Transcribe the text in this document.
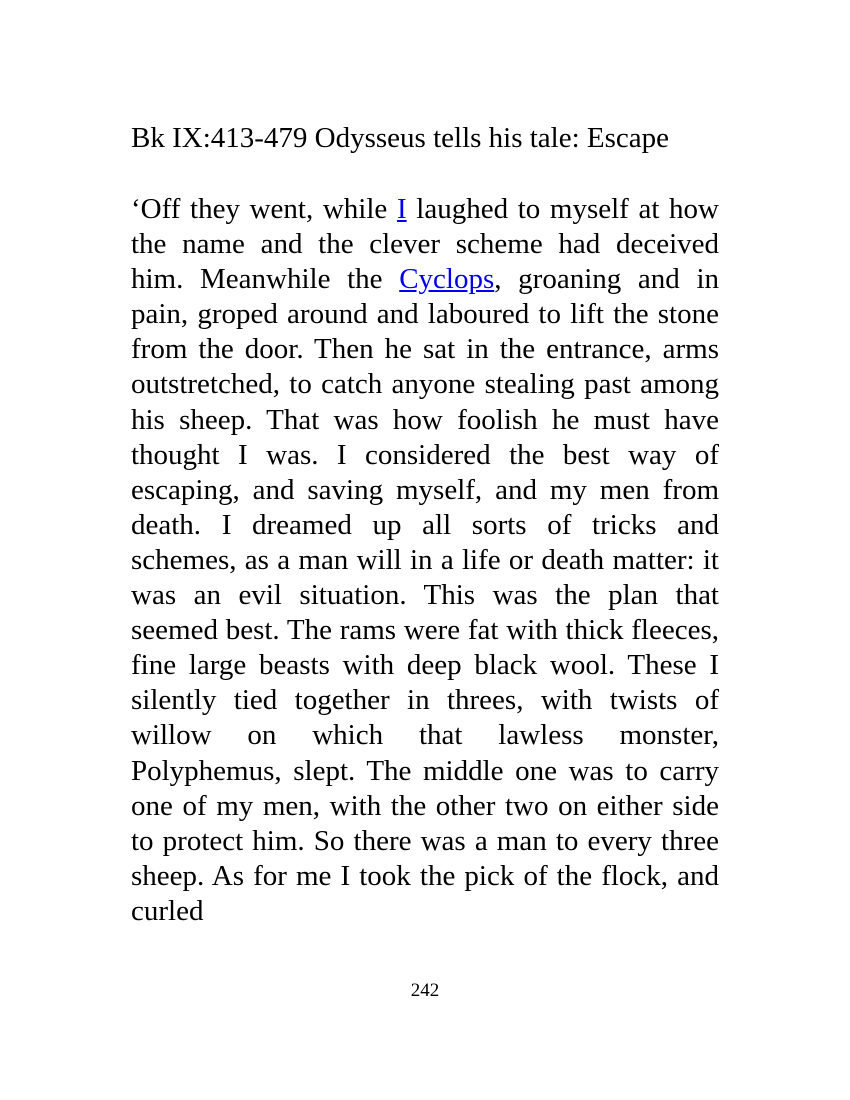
Bk IX:413-479 Odysseus tells his tale: Escape

‘Off they went, while I laughed to myself at how the name and the clever scheme had deceived him. Meanwhile the Cyclops, groaning and in pain, groped around and laboured to lift the stone from the door. Then he sat in the entrance, arms outstretched, to catch anyone stealing past among his sheep. That was how foolish he must have thought I was. I considered the best way of escaping, and saving myself, and my men from death. I dreamed up all sorts of tricks and schemes, as a man will in a life or death matter: it was an evil situation. This was the plan that seemed best. The rams were fat with thick fleeces, fine large beasts with deep black wool. These I silently tied together in threes, with twists of willow on which that lawless monster, Polyphemus, slept. The middle one was to carry one of my men, with the other two on either side to protect him. So there was a man to every three sheep. As for me I took the pick of the flock, and curled

242
